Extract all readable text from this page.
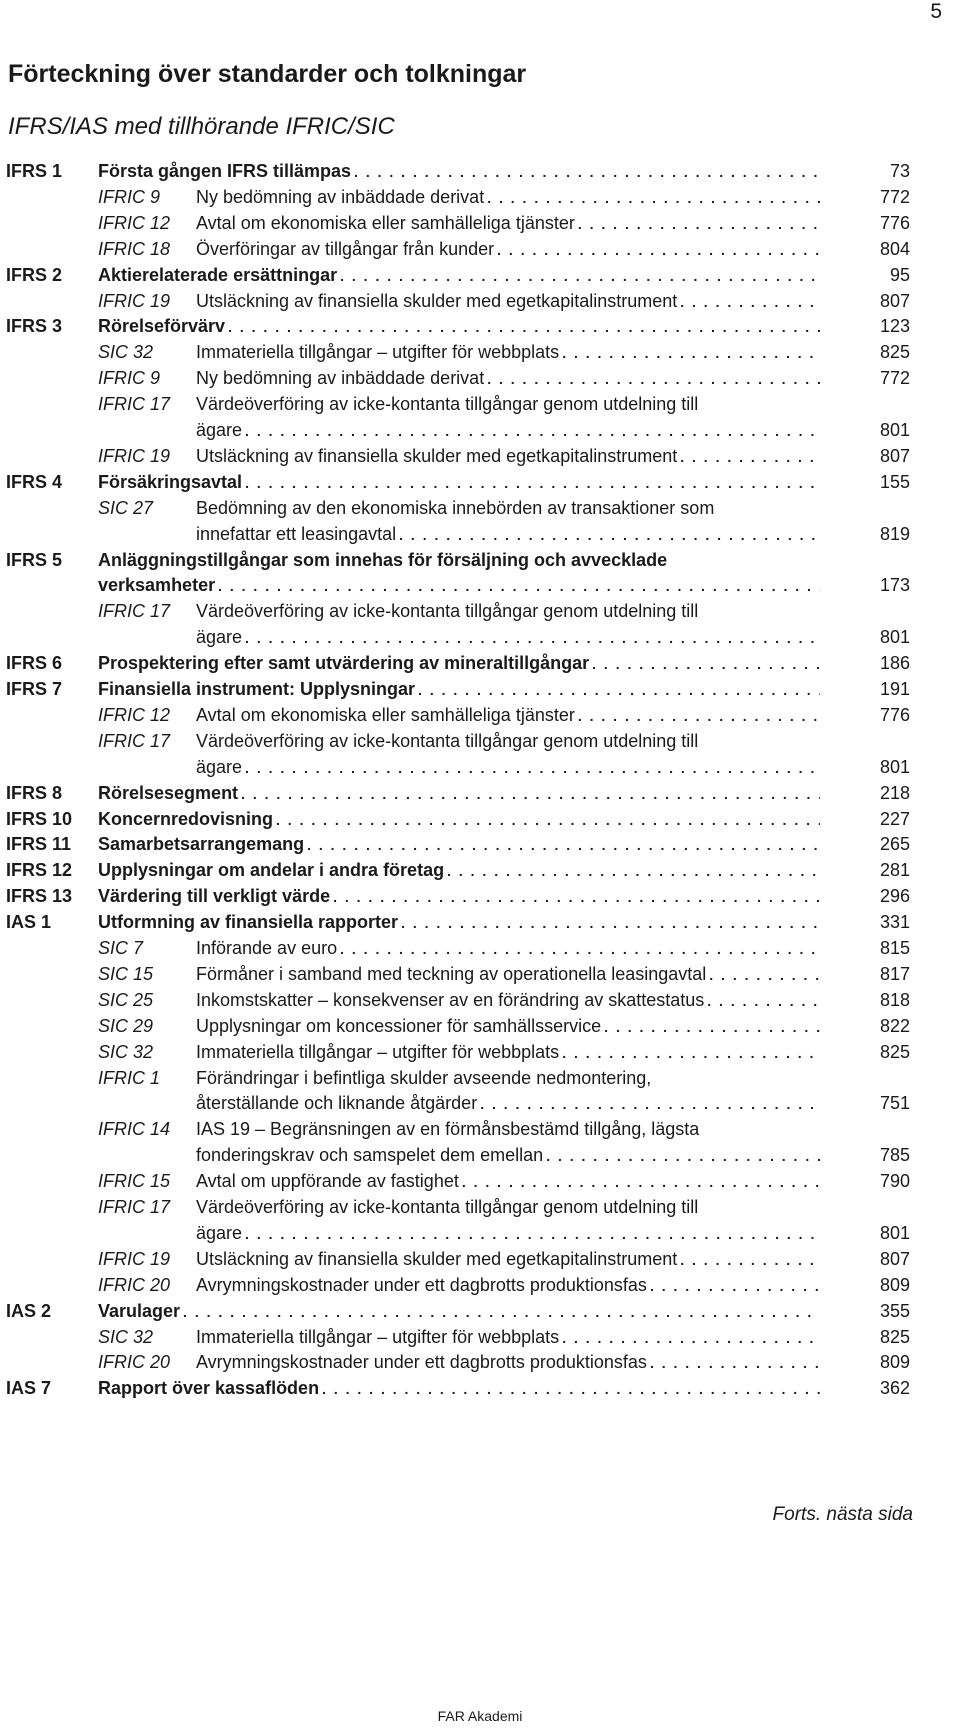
5
Förteckning över standarder och tolkningar
IFRS/IAS med tillhörande IFRIC/SIC
IFRS 1 Första gången IFRS tillämpas . . .	73
IFRIC 9 Ny bedömning av inbäddade derivat . . .	772
IFRIC 12 Avtal om ekonomiska eller samhälleliga tjänster . . .	776
IFRIC 18 Överföringar av tillgångar från kunder . . .	804
IFRS 2 Aktierelaterade ersättningar . . .	95
IFRIC 19 Utsläckning av finansiella skulder med egetkapitalinstrument . . .	807
IFRS 3 Rörelseförvärv . . .	123
SIC 32 Immateriella tillgångar – utgifter för webbplats . . .	825
IFRIC 9 Ny bedömning av inbäddade derivat . . .	772
IFRIC 17 Värdeöverföring av icke-kontanta tillgångar genom utdelning till
ägare . . .	801
IFRIC 19 Utsläckning av finansiella skulder med egetkapitalinstrument . . .	807
IFRS 4 Försäkringsavtal . . .	155
SIC 27 Bedömning av den ekonomiska innebörden av transaktioner som
innefattar ett leasingavtal . . .	819
IFRS 5 Anläggningstillgångar som innehas för försäljning och avvecklade
verksamheter . . .	173
IFRIC 17 Värdeöverföring av icke-kontanta tillgångar genom utdelning till
ägare . . .	801
IFRS 6 Prospektering efter samt utvärdering av mineraltillgångar . . .	186
IFRS 7 Finansiella instrument: Upplysningar . . .	191
IFRIC 12 Avtal om ekonomiska eller samhälleliga tjänster . . .	776
IFRIC 17 Värdeöverföring av icke-kontanta tillgångar genom utdelning till
ägare . . .	801
IFRS 8 Rörelsesegment . . .	218
IFRS 10 Koncernredovisning . . .	227
IFRS 11 Samarbetsarrangemang . . .	265
IFRS 12 Upplysningar om andelar i andra företag . . .	281
IFRS 13 Värdering till verkligt värde . . .	296
IAS 1	Utformning av finansiella rapporter . . .	331
SIC 7	Införande av euro . . .	815
SIC 15 Förmåner i samband med teckning av operationella leasingavtal . . .	817
SIC 25 Inkomstskatter – konsekvenser av en förändring av skattestatus . . .	818
SIC 29 Upplysningar om koncessioner för samhällsservice . . .	822
SIC 32 Immateriella tillgångar – utgifter för webbplats . . .	825
IFRIC 1 Förändringar i befintliga skulder avseende nedmontering,
återställande och liknande åtgärder . . .	751
IFRIC 14 IAS 19 – Begränsningen av en förmånsbestämd tillgång, lägsta
fonderingskrav och samspelet dem emellan . . .	785
IFRIC 15 Avtal om uppförande av fastighet . . .	790
IFRIC 17 Värdeöverföring av icke-kontanta tillgångar genom utdelning till
ägare . . .	801
IFRIC 19 Utsläckning av finansiella skulder med egetkapitalinstrument . . .	807
IFRIC 20 Avrymningskostnader under ett dagbrotts produktionsfas . . .	809
IAS 2	Varulager . . .	355
SIC 32 Immateriella tillgångar – utgifter för webbplats . . .	825
IFRIC 20 Avrymningskostnader under ett dagbrotts produktionsfas . . .	809
IAS 7	Rapport över kassaflöden . . .	362
Forts. nästa sida
FAR Akademi
